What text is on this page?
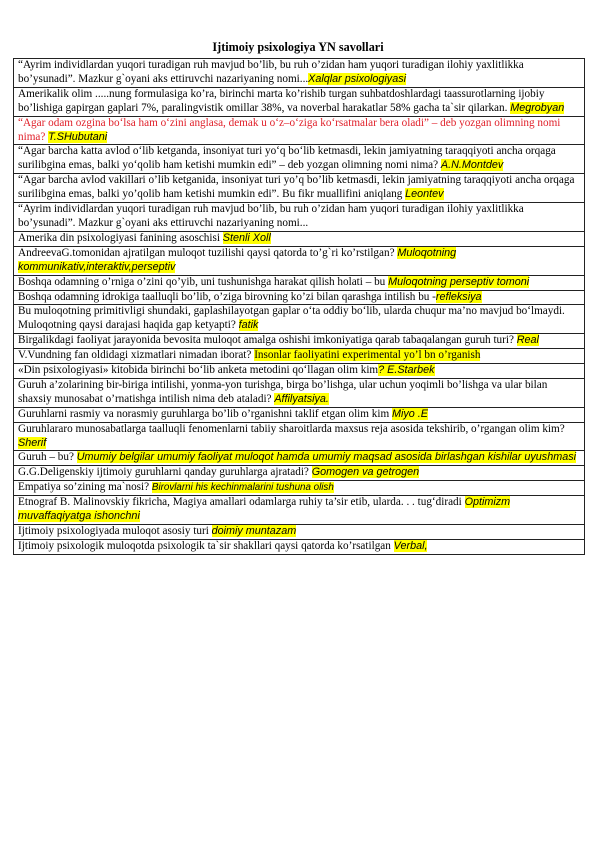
Ijtimoiy psixologiya YN savollari
“Ayrim individlardan yuqori turadigan ruh mavjud bo’lib, bu ruh o’zidan ham yuqori turadigan ilohiy yaxlitlikka bo’ysunadi”. Mazkur g`oyani aks ettiruvchi nazariyaning nomi...Xalqlar psixologiyasi
Amerikalik olim .....nung formulasiga ko’ra, birinchi marta ko’rishib turgan suhbatdoshlardagi taassurotlarning ijobiy bo’lishiga gapirgan gaplari 7%, paralingvistik omillar 38%, va noverbal harakatlar 58% gacha ta`sir qilarkan. Megrobyan
“Agar odam ozgina bo‘lsa ham o‘zini anglasa, demak u o‘z–o‘ziga ko‘rsatmalar bera oladi” – deb yozgan olimning nomi nima? T.SHubutani
“Agar barcha katta avlod o‘lib ketganda, insoniyat turi yo‘q bo‘lib ketmasdi, lekin jamiyatning taraqqiyoti ancha orqaga surilibgina emas, balki yo‘qolib ham ketishi mumkin edi” – deb yozgan olimning nomi nima? A.N.Montdev
“Agar barcha avlod vakillari o’lib ketganida, insoniyat turi yo’q bo’lib ketmasdi, lekin jamiyatning taraqqiyoti ancha orqaga surilibgina emas, balki yo’qolib ham ketishi mumkin edi”. Bu fikr muallifini aniqlang Leontev
“Ayrim individlardan yuqori turadigan ruh mavjud bo’lib, bu ruh o’zidan ham yuqori turadigan ilohiy yaxlitlikka bo’ysunadi”. Mazkur g`oyani aks ettiruvchi nazariyaning nomi...
Amerika din psixologiyasi fanining asoschisi Stenli Xoll
AndreevaG.tomonidan ajratilgan muloqot tuzilishi qaysi qatorda to’g`ri ko’rstilgan? Muloqotning kommunikativ,interaktiv,perseptiv
Boshqa odamning o’rniga o’zini qo’yib, uni tushunishga harakat qilish holati – bu Muloqotning perseptiv tomoni
Boshqa odamning idrokiga taalluqli bo’lib, o’ziga birovning ko’zi bilan qarashga intilish bu -refleksiya
Bu muloqotning primitivligi shundaki, gaplashilayotgan gaplar o‘ta oddiy bo‘lib, ularda chuqur ma’no mavjud bo‘lmaydi. Muloqotning qaysi darajasi haqida gap ketyapti? fatik
Birgalikdagi faoliyat jarayonida bevosita muloqot amalga oshishi imkoniyatiga qarab tabaqalangan guruh turi? Real
V.Vundning fan oldidagi xizmatlari nimadan iborat? Insonlar faoliyatini experimental yo’l bn o’rganish
«Din psixologiyasi» kitobida birinchi bo‘lib anketa metodini qo‘llagan olim kim? E.Starbek
Guruh a’zolarining bir-biriga intilishi, yonma-yon turishga, birga bo’lishga, ular uchun yoqimli bo’lishga va ular bilan shaxsiy munosabat o’rnatishga intilish nima deb ataladi? Affilyatsiya.
Guruhlarni rasmiy va norasmiy guruhlarga bo’lib o’rganishni taklif etgan olim kim Miyo .E
Guruhlararo munosabatlarga taalluqli fenomenlarni tabiiy sharoitlarda maxsus reja asosida tekshirib, o’rgangan olim kim? Sherif
Guruh – bu? Umumiy belgilar umumiy faoliyat muloqot hamda umumiy maqsad asosida birlashgan kishilar uyushmasi
G.G.Deligenskiy ijtimoiy guruhlarni qanday guruhlarga ajratadi? Gomogen va getrogen
Empatiya so’zining ma`nosi? Birovlarni his kechinmalarini tushuna olish
Etnograf B. Malinovskiy fikricha, Magiya amallari odamlarga ruhiy ta’sir etib, ularda. . . tug‘diradi Optimizm muvaffaqiyatga ishonchni
Ijtimoiy psixologiyada muloqot asosiy turi doimiy muntazam
Ijtimoiy psixologik muloqotda psixologik ta`sir shakllari qaysi qatorda ko’rsatilgan Verbal,
